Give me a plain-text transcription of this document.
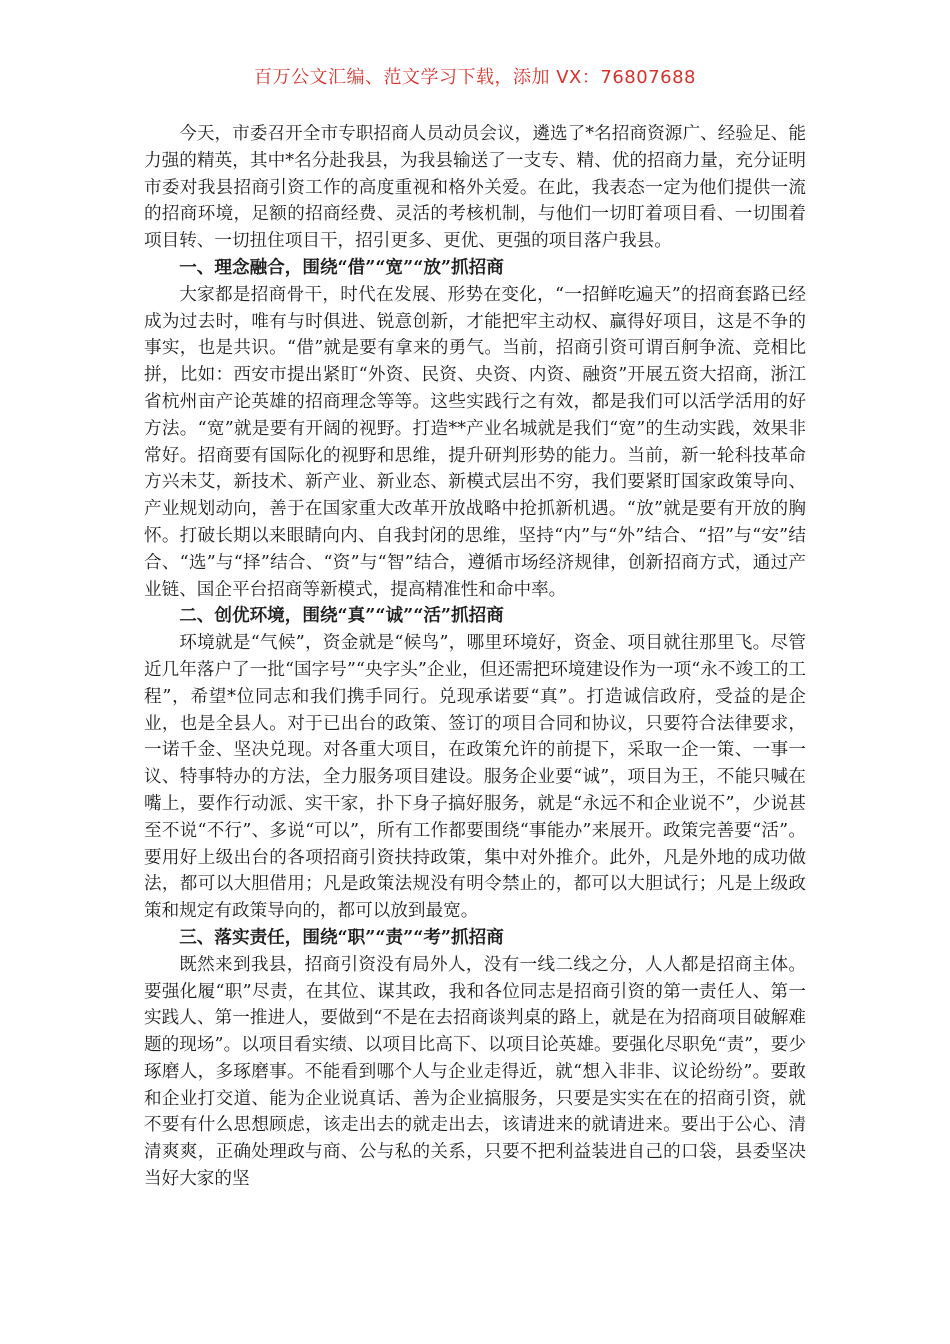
百万公文汇编、范文学习下载，添加 VX：76807688

今天，市委召开全市专职招商人员动员会议，遴选了*名招商资源广、经验足、能力强的精英，其中*名分赴我县，为我县输送了一支专、精、优的招商力量，充分证明市委对我县招商引资工作的高度重视和格外关爱。在此，我表态一定为他们提供一流的招商环境，足额的招商经费、灵活的考核机制，与他们一切盯着项目看、一切围着项目转、一切扭住项目干，招引更多、更优、更强的项目落户我县。

一、理念融合，围绕“借”“宽”“放”抓招商

大家都是招商骨干，时代在发展、形势在变化，“一招鲜吃遍天”的招商套路已经成为过去时，唯有与时俱进、锐意创新，才能把牢主动权、赢得好项目，这是不争的事实，也是共识。“借”就是要有拿来的勇气。当前，招商引资可谓百舸争流、竞相比拼，比如：西安市提出紧盯“外资、民资、央资、内资、融资”开展五资大招商，浙江省杭州亩产论英雄的招商理念等等。这些实践行之有效，都是我们可以活学活用的好方法。“宽”就是要有开阔的视野。打造**产业名城就是我们“宽”的生动实践，效果非常好。招商要有国际化的视野和思维，提升研判形势的能力。当前，新一轮科技革命方兴未艾，新技术、新产业、新业态、新模式层出不穷，我们要紧盯国家政策导向、产业规划动向，善于在国家重大改革开放战略中抢抓新机遇。“放”就是要有开放的胸怀。打破长期以来眼睛向内、自我封闭的思维，坚持“内”与“外”结合、“招”与“安”结合、“选”与“择”结合、“资”与“智”结合，遵循市场经济规律，创新招商方式，通过产业链、国企平台招商等新模式，提高精准性和命中率。

二、创优环境，围绕“真”“诚”“活”抓招商

环境就是“气候”，资金就是“候鸟”，哪里环境好，资金、项目就往那里飞。尽管近几年落户了一批“国字号”“央字头”企业，但还需把环境建设作为一项“永不竣工的工程”，希望*位同志和我们携手同行。兑现承诺要“真”。打造诚信政府，受益的是企业，也是全县人。对于已出台的政策、签订的项目合同和协议，只要符合法律要求，一诺千金、坚决兑现。对各重大项目，在政策允许的前提下，采取一企一策、一事一议、特事特办的方法，全力服务项目建设。服务企业要“诚”，项目为王，不能只喊在嘴上，要作行动派、实干家，扑下身子搞好服务，就是“永远不和企业说不”，少说甚至不说“不行”、多说“可以”，所有工作都要围绕“事能办”来展开。政策完善要“活”。要用好上级出台的各项招商引资扶持政策，集中对外推介。此外，凡是外地的成功做法，都可以大胆借用；凡是政策法规没有明令禁止的，都可以大胆试行；凡是上级政策和规定有政策导向的，都可以放到最宽。

三、落实责任，围绕“职”“责”“考”抓招商

既然来到我县，招商引资没有局外人，没有一线二线之分，人人都是招商主体。要强化履“职”尽责，在其位、谋其政，我和各位同志是招商引资的第一责任人、第一实践人、第一推进人，要做到“不是在去招商谈判桌的路上，就是在为招商项目破解难题的现场”。以项目看实绩、以项目比高下、以项目论英雄。要强化尽职免“责”，要少琢磨人，多琢磨事。不能看到哪个人与企业走得近，就“想入非非、议论纷纷”。要敢和企业打交道、能为企业说真话、善为企业搞服务，只要是实实在在的招商引资，就不要有什么思想顾虑，该走出去的就走出去，该请进来的就请进来。要出于公心、清清爽爽，正确处理政与商、公与私的关系，只要不把利益装进自己的口袋，县委坚决当好大家的坚
